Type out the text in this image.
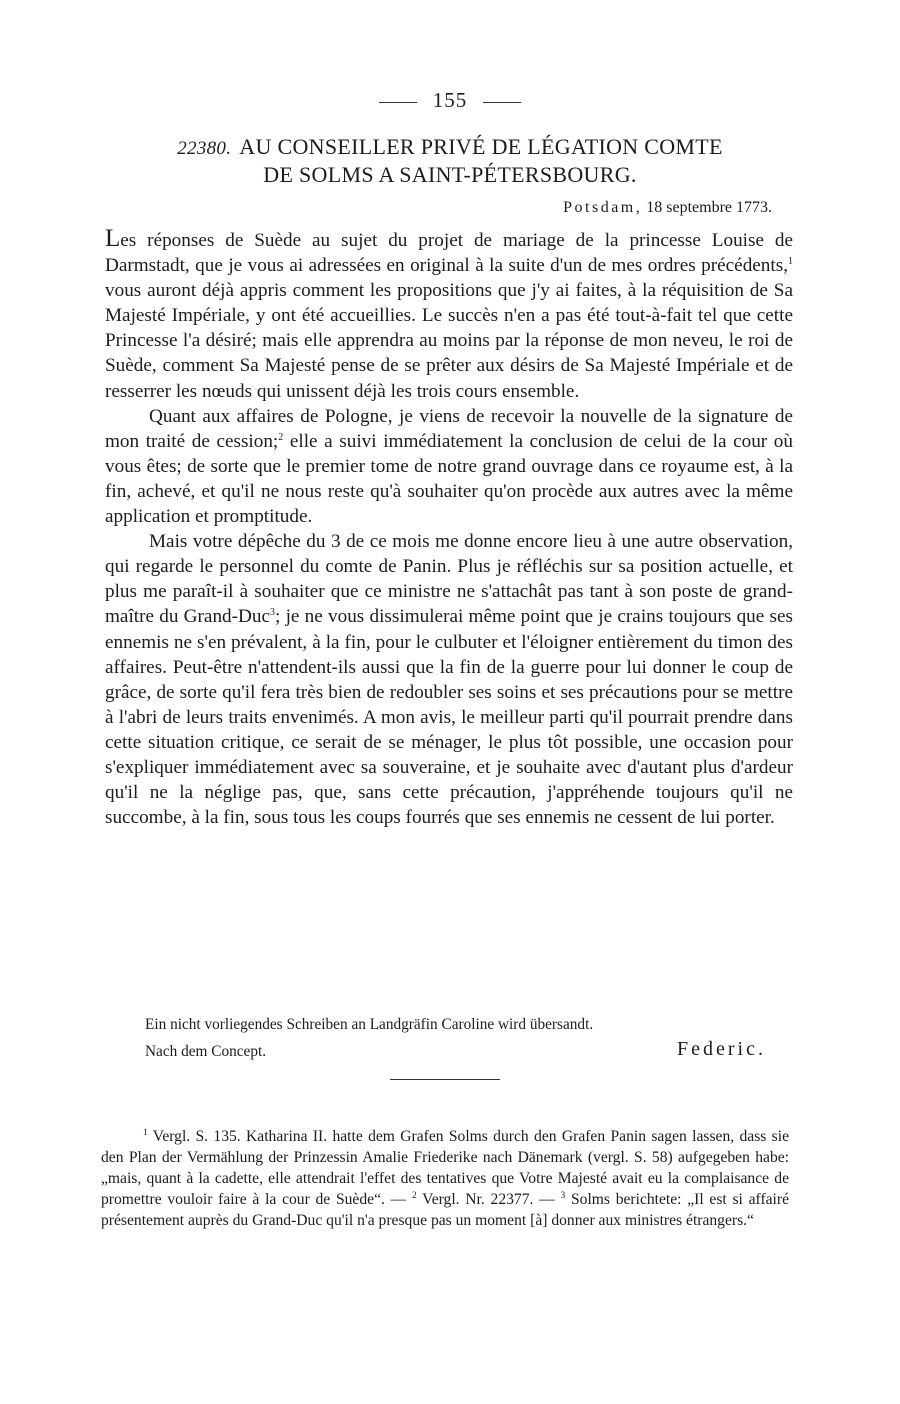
155
22380. AU CONSEILLER PRIVÉ DE LÉGATION COMTE
DE SOLMS A SAINT-PÉTERSBOURG.
Potsdam, 18 septembre 1773.

Les réponses de Suède au sujet du projet de mariage de la princesse Louise de Darmstadt, que je vous ai adressées en original à la suite d'un de mes ordres précédents,$^1$ vous auront déjà appris comment les propositions que j'y ai faites, à la réquisition de Sa Majesté Impériale, y ont été accueillies. Le succès n'en a pas été tout-à-fait tel que cette Princesse l'a désiré; mais elle apprendra au moins par la réponse de mon neveu, le roi de Suède, comment Sa Majesté pense de se prêter aux désirs de Sa Majesté Impériale et de resserrer les nœuds qui unissent déjà les trois cours ensemble.

Quant aux affaires de Pologne, je viens de recevoir la nouvelle de la signature de mon traité de cession;$^2$ elle a suivi immédiatement la conclusion de celui de la cour où vous êtes; de sorte que le premier tome de notre grand ouvrage dans ce royaume est, à la fin, achevé, et qu'il ne nous reste qu'à souhaiter qu'on procède aux autres avec la même application et promptitude.

Mais votre dépêche du 3 de ce mois me donne encore lieu à une autre observation, qui regarde le personnel du comte de Panin. Plus je réfléchis sur sa position actuelle, et plus me paraît-il à souhaiter que ce ministre ne s'attachât pas tant à son poste de grand-maître du Grand-Duc$^3$; je ne vous dissimulerai même point que je crains toujours que ses ennemis ne s'en prévalent, à la fin, pour le culbuter et l'éloigner entièrement du timon des affaires. Peut-être n'attendent-ils aussi que la fin de la guerre pour lui donner le coup de grâce, de sorte qu'il fera très bien de redoubler ses soins et ses précautions pour se mettre à l'abri de leurs traits envenimés. A mon avis, le meilleur parti qu'il pourrait prendre dans cette situation critique, ce serait de se ménager, le plus tôt possible, une occasion pour s'expliquer immédiatement avec sa souveraine, et je souhaite avec d'autant plus d'ardeur qu'il ne la néglige pas, que, sans cette précaution, j'appréhende toujours qu'il ne succombe, à la fin, sous tous les coups fourrés que ses ennemis ne cessent de lui porter.

Ein nicht vorliegendes Schreiben an Landgräfin Caroline wird übersandt.
Nach dem Concept.	Federic.

$^1$ Vergl. S. 135. Katharina II. hatte dem Grafen Solms durch den Grafen Panin sagen lassen, dass sie den Plan der Vermählung der Prinzessin Amalie Friederike nach Dänemark (vergl. S. 58) aufgegeben habe: „mais, quant à la cadette, elle attendrait l'effet des tentatives que Votre Majesté avait eu la complaisance de promettre vouloir faire à la cour de Suède“. — $^2$ Vergl. Nr. 22377. — $^3$ Solms berichtete: „Il est si affairé présentement auprès du Grand-Duc qu'il n'a presque pas un moment [à] donner aux ministres étrangers.“
